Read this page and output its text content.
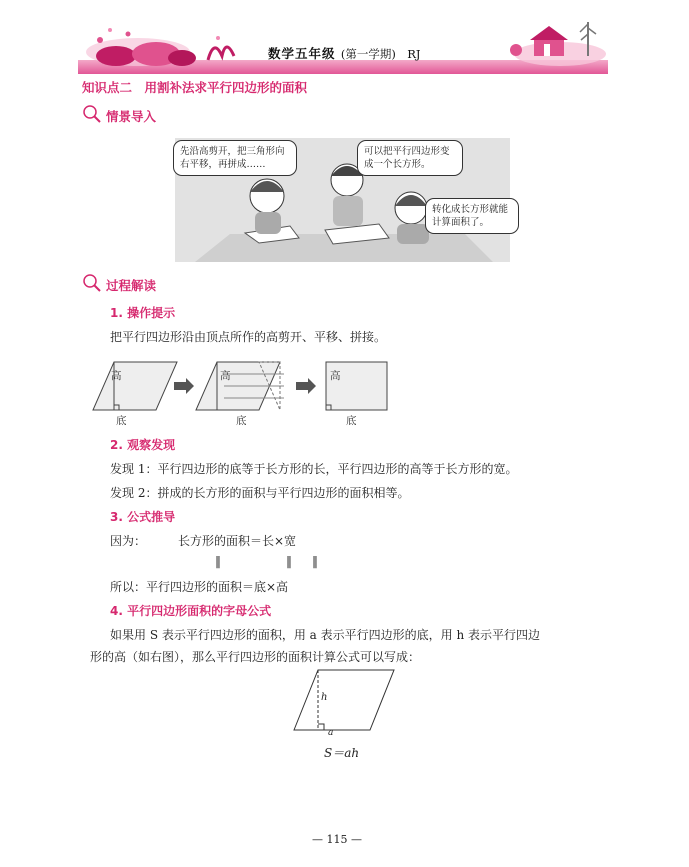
数学五年级 (第一学期) RJ
知识点二　用割补法求平行四边形的面积
情景导入
先沿高剪开，把三角形向右平移，再拼成……
可以把平行四边形变成一个长方形。
转化成长方形就能计算面积了。
过程解读
1. 操作提示
把平行四边形沿由顶点所作的高剪开、平移、拼接。
高	高	高
底	底	底
2. 观察发现
发现 1：平行四边形的底等于长方形的长，平行四边形的高等于长方形的宽。
发现 2：拼成的长方形的面积与平行四边形的面积相等。
3. 公式推导
因为：	长方形的面积＝长×宽
‖	‖ ‖
所以：平行四边形的面积＝底×高
4. 平行四边形面积的字母公式
如果用 S 表示平行四边形的面积，用 a 表示平行四边形的底，用 h 表示平行四边
形的高（如右图），那么平行四边形的面积计算公式可以写成：
h
a
S＝ah
— 115 —
